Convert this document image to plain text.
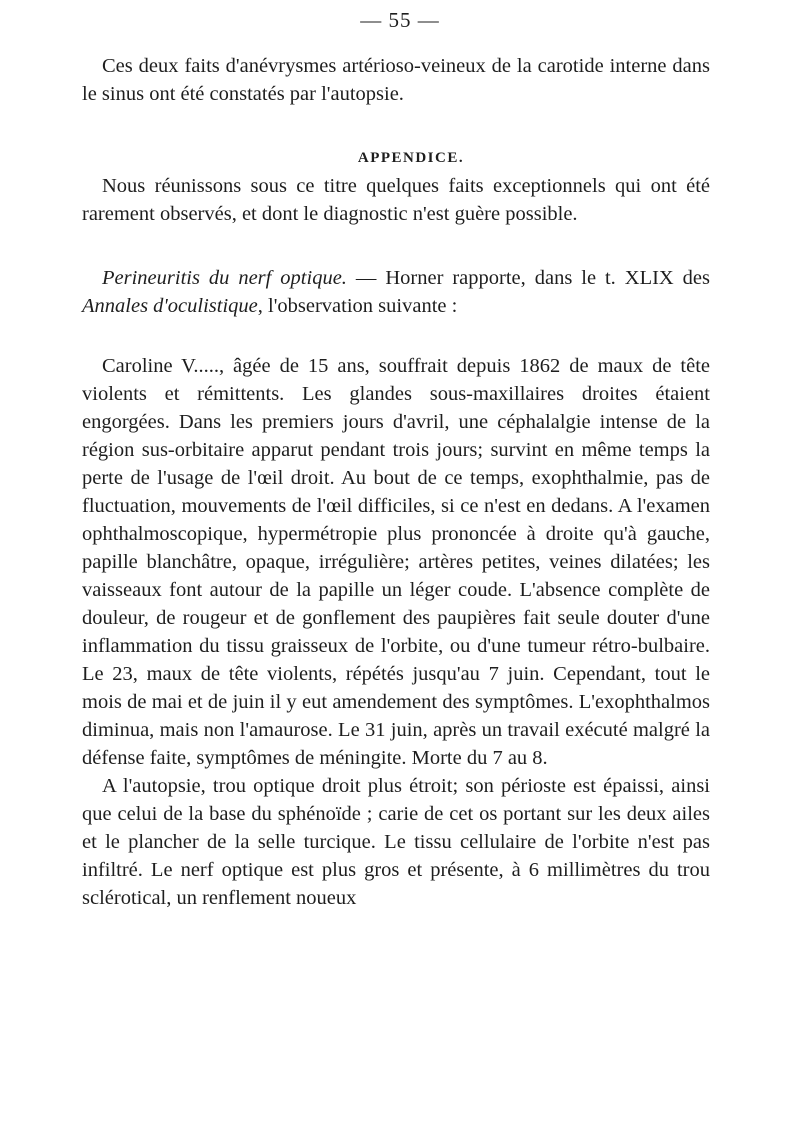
— 55 —

Ces deux faits d'anévrysmes artérioso-veineux de la carotide interne dans le sinus ont été constatés par l'autopsie.

APPENDICE.

Nous réunissons sous ce titre quelques faits exceptionnels qui ont été rarement observés, et dont le diagnostic n'est guère possible.

Perineuritis du nerf optique. — Horner rapporte, dans le t. XLIX des Annales d'oculistique, l'observation suivante :

Caroline V....., âgée de 15 ans, souffrait depuis 1862 de maux de tête violents et rémittents. Les glandes sous-maxillaires droites étaient engorgées. Dans les premiers jours d'avril, une céphalalgie intense de la région sus-orbitaire apparut pendant trois jours; survint en même temps la perte de l'usage de l'œil droit. Au bout de ce temps, exophthalmie, pas de fluctuation, mouvements de l'œil difficiles, si ce n'est en dedans. A l'examen ophthalmoscopique, hypermétropie plus prononcée à droite qu'à gauche, papille blanchâtre, opaque, irrégulière; artères petites, veines dilatées; les vaisseaux font autour de la papille un léger coude. L'absence complète de douleur, de rougeur et de gonflement des paupières fait seule douter d'une inflammation du tissu graisseux de l'orbite, ou d'une tumeur rétro-bulbaire. Le 23, maux de tête violents, répétés jusqu'au 7 juin. Cependant, tout le mois de mai et de juin il y eut amendement des symptômes. L'exophthalmos diminua, mais non l'amaurose. Le 31 juin, après un travail exécuté malgré la défense faite, symptômes de méningite. Morte du 7 au 8.

A l'autopsie, trou optique droit plus étroit; son périoste est épaissi, ainsi que celui de la base du sphénoïde ; carie de cet os portant sur les deux ailes et le plancher de la selle turcique. Le tissu cellulaire de l'orbite n'est pas infiltré. Le nerf optique est plus gros et présente, à 6 millimètres du trou sclérotical, un renflement noueux
